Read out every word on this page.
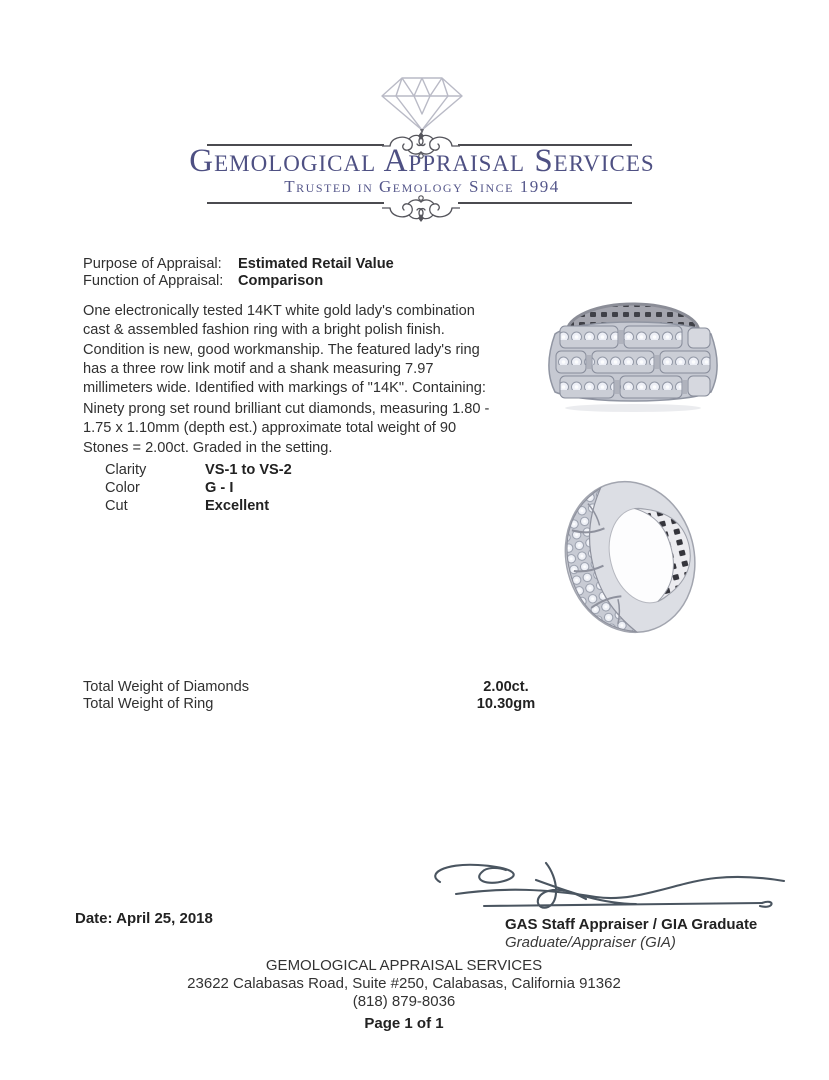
Gemological Appraisal Services
Trusted in Gemology Since 1994
Purpose of Appraisal: Estimated Retail Value
Function of Appraisal: Comparison
One electronically tested 14KT white gold lady's combination cast & assembled fashion ring with a bright polish finish. Condition is new, good workmanship. The featured lady's ring has a three row link motif and a shank measuring 7.97 millimeters wide. Identified with markings of "14K". Containing:
Ninety prong set round brilliant cut diamonds, measuring 1.80 - 1.75 x 1.10mm (depth est.) approximate total weight of 90 Stones = 2.00ct. Graded in the setting.
Clarity	VS-1 to VS-2
Color	G - I
Cut	Excellent
Total Weight of Diamonds	2.00ct.
Total Weight of Ring	10.30gm
Date: April 25, 2018	GAS Staff Appraiser / GIA Graduate
Graduate/Appraiser (GIA)
GEMOLOGICAL APPRAISAL SERVICES
23622 Calabasas Road, Suite #250, Calabasas, California 91362
(818) 879-8036
Page 1 of 1
